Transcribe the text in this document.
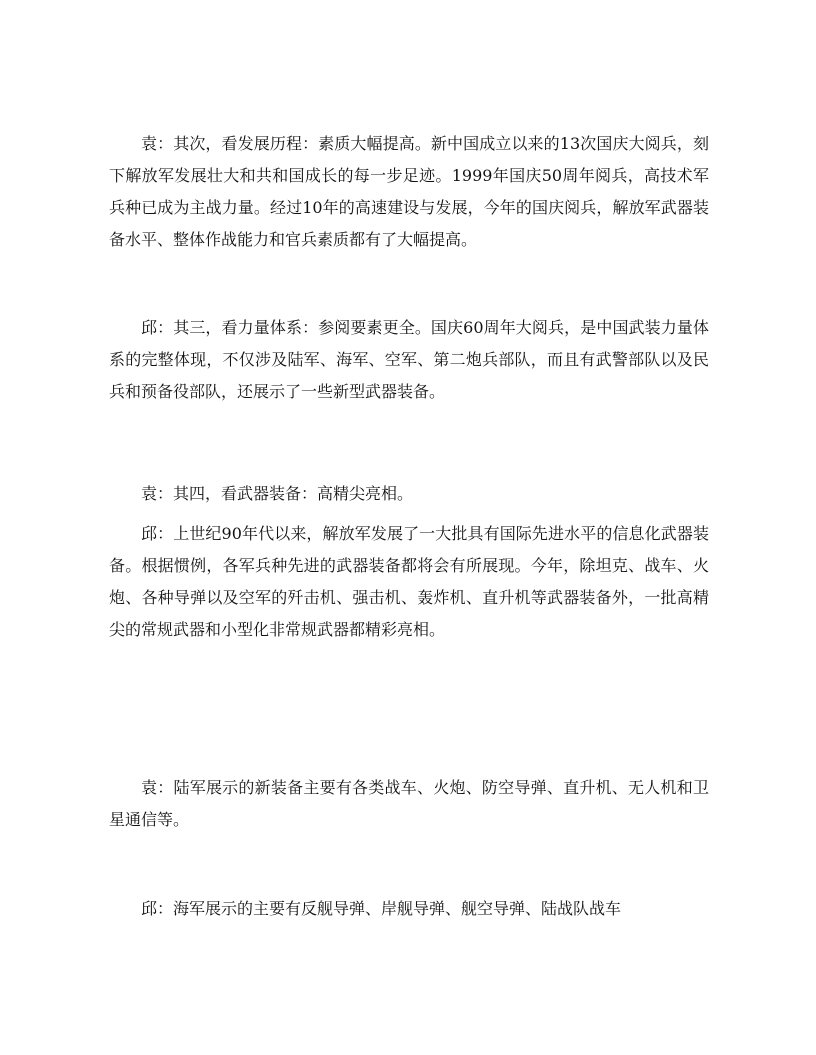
袁：其次，看发展历程：素质大幅提高。新中国成立以来的13次国庆大阅兵，刻下解放军发展壮大和共和国成长的每一步足迹。1999年国庆50周年阅兵，高技术军兵种已成为主战力量。经过10年的高速建设与发展，今年的国庆阅兵，解放军武器装备水平、整体作战能力和官兵素质都有了大幅提高。

邱：其三，看力量体系：参阅要素更全。国庆60周年大阅兵，是中国武装力量体系的完整体现，不仅涉及陆军、海军、空军、第二炮兵部队，而且有武警部队以及民兵和预备役部队，还展示了一些新型武器装备。

袁：其四，看武器装备：高精尖亮相。

邱：上世纪90年代以来，解放军发展了一大批具有国际先进水平的信息化武器装备。根据惯例，各军兵种先进的武器装备都将会有所展现。今年，除坦克、战车、火炮、各种导弹以及空军的歼击机、强击机、轰炸机、直升机等武器装备外，一批高精尖的常规武器和小型化非常规武器都精彩亮相。

袁：陆军展示的新装备主要有各类战车、火炮、防空导弹、直升机、无人机和卫星通信等。

邱：海军展示的主要有反舰导弹、岸舰导弹、舰空导弹、陆战队战车
